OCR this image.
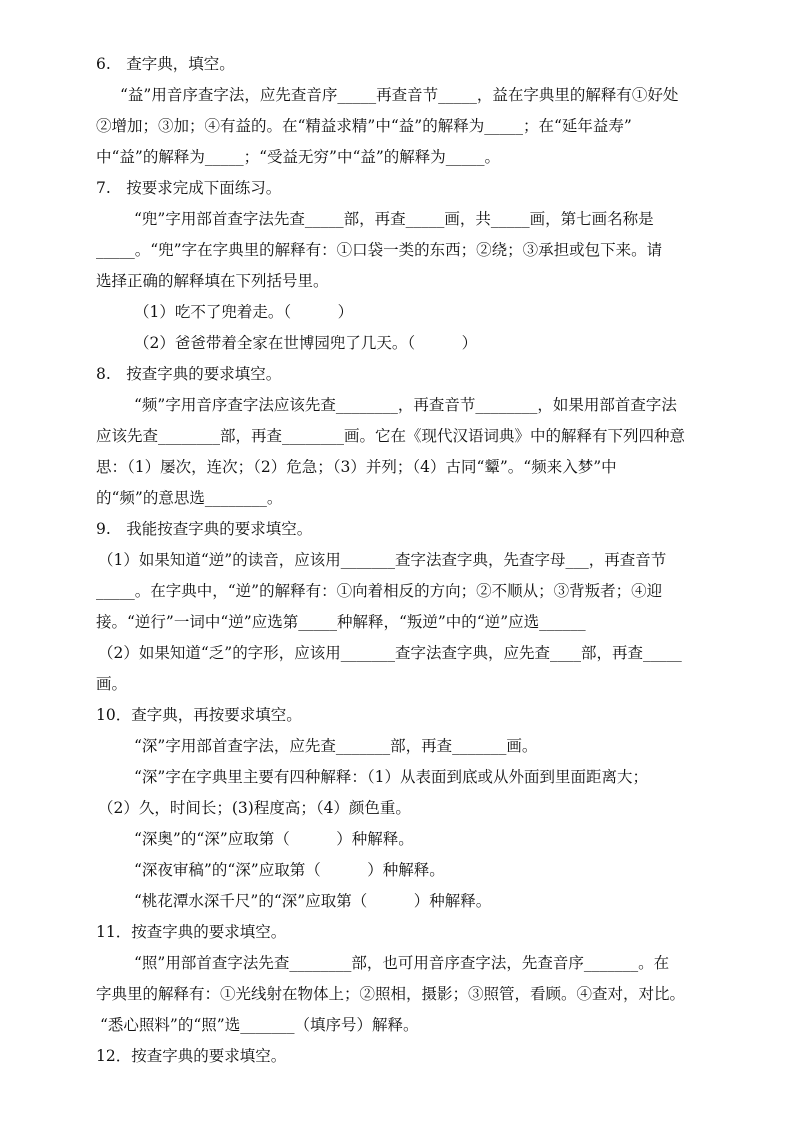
6.　查字典，填空。
“益”用音序查字法，应先查音序_____再查音节_____，益在字典里的解释有①好处
②增加；③加；④有益的。在“精益求精”中“益”的解释为_____；在“延年益寿”
中“益”的解释为_____；“受益无穷”中“益”的解释为_____。
7.　按要求完成下面练习。
“兜”字用部首查字法先查_____部，再查_____画，共_____画，第七画名称是
_____。“兜”字在字典里的解释有：①口袋一类的东西；②绕；③承担或包下来。请
选择正确的解释填在下列括号里。
（1）吃不了兜着走。（　　　）
（2）爸爸带着全家在世博园兜了几天。（　　　）
8.　按查字典的要求填空。
“频”字用音序查字法应该先查________，再查音节________，如果用部首查字法
应该先查________部，再查________画。它在《现代汉语词典》中的解释有下列四种意
思：（1）屡次，连次；（2）危急；（3）并列；（4）古同“颦”。“频来入梦”中
的“频”的意思选________。
9.　我能按查字典的要求填空。
（1）如果知道“逆”的读音，应该用_______查字法查字典，先查字母___，再查音节
_____。在字典中，“逆”的解释有：①向着相反的方向；②不顺从；③背叛者；④迎
接。“逆行”一词中“逆”应选第_____种解释，“叛逆”中的“逆”应选______
（2）如果知道“乏”的字形，应该用_______查字法查字典，应先查____部，再查_____
画。
10．查字典，再按要求填空。
“深”字用部首查字法，应先查_______部，再查_______画。
“深”字在字典里主要有四种解释：（1）从表面到底或从外面到里面距离大；
（2）久，时间长；(3)程度高；（4）颜色重。
“深奥”的“深”应取第（　　　）种解释。
“深夜审稿”的“深”应取第（　　　）种解释。
“桃花潭水深千尺”的“深”应取第（　　　）种解释。
11．按查字典的要求填空。
“照”用部首查字法先查________部，也可用音序查字法，先查音序_______。在
字典里的解释有：①光线射在物体上；②照相，摄影；③照管，看顾。④查对，对比。
“悉心照料”的“照”选_______（填序号）解释。
12．按查字典的要求填空。
